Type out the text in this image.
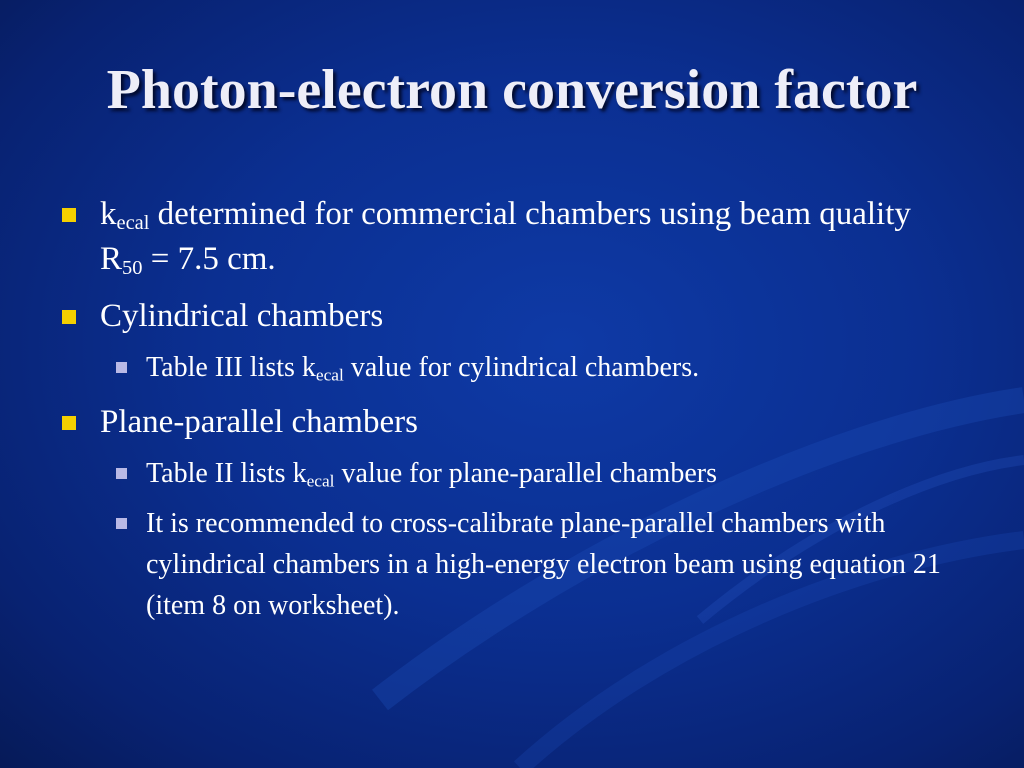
Photon-electron conversion factor
$k_{ecal}$ determined for commercial chambers using beam quality $R_{50} = 7.5$ cm.
Cylindrical chambers
Table III lists $k_{ecal}$ value for cylindrical chambers.
Plane-parallel chambers
Table II lists $k_{ecal}$ value for plane-parallel chambers
It is recommended to cross-calibrate plane-parallel chambers with cylindrical chambers in a high-energy electron beam using equation 21 (item 8 on worksheet).
